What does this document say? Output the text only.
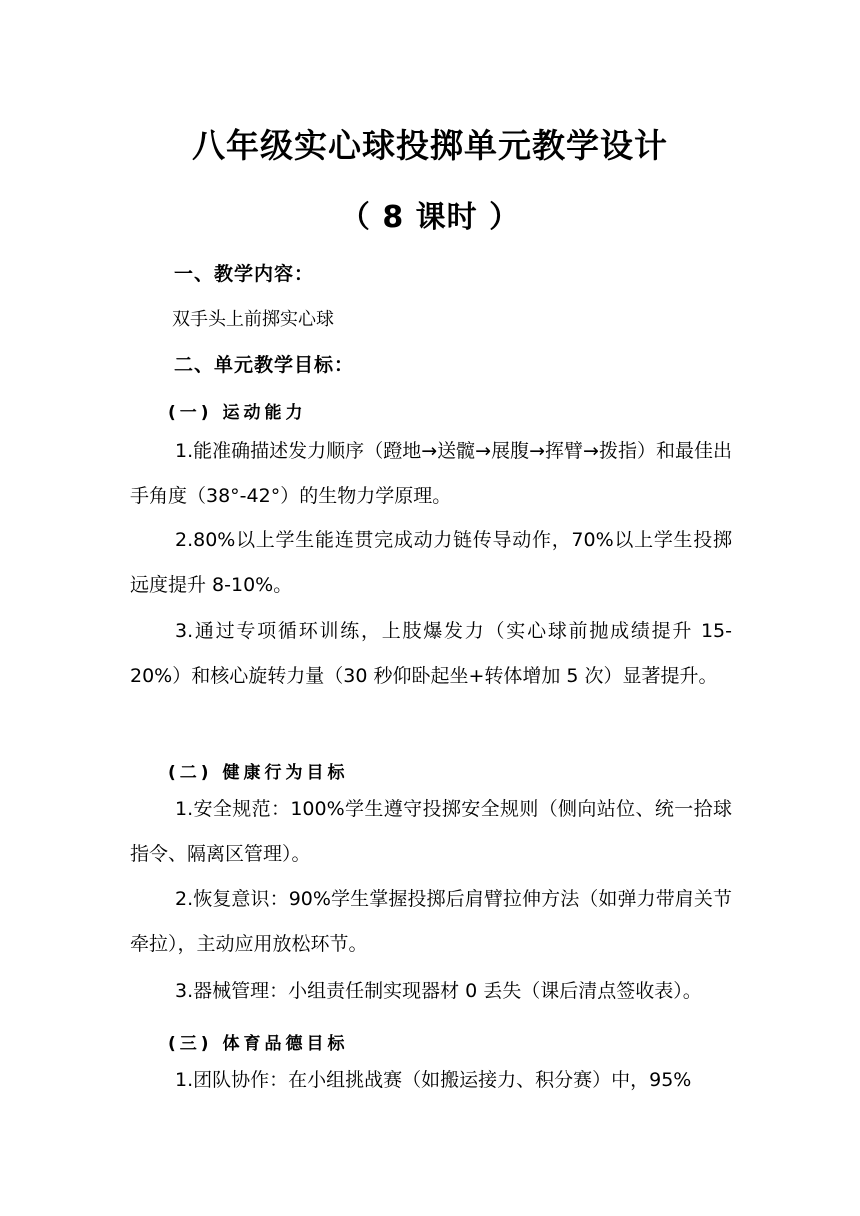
八年级实心球投掷单元教学设计
（ 8 课时 ）
一、教学内容：
双手头上前掷实心球
二、单元教学目标：
(一) 运动能力
1.能准确描述发力顺序（蹬地→送髋→展腹→挥臂→拨指）和最佳出手角度（38°-42°）的生物力学原理。
2.80%以上学生能连贯完成动力链传导动作，70%以上学生投掷远度提升 8-10%。
3.通过专项循环训练，上肢爆发力（实心球前抛成绩提升 15-20%）和核心旋转力量（30 秒仰卧起坐+转体增加 5 次）显著提升。
(二) 健康行为目标
1.安全规范：100%学生遵守投掷安全规则（侧向站位、统一拾球指令、隔离区管理）。
2.恢复意识：90%学生掌握投掷后肩臂拉伸方法（如弹力带肩关节牵拉），主动应用放松环节。
3.器械管理：小组责任制实现器材 0 丢失（课后清点签收表）。
(三) 体育品德目标
1.团队协作：在小组挑战赛（如搬运接力、积分赛）中，95%
